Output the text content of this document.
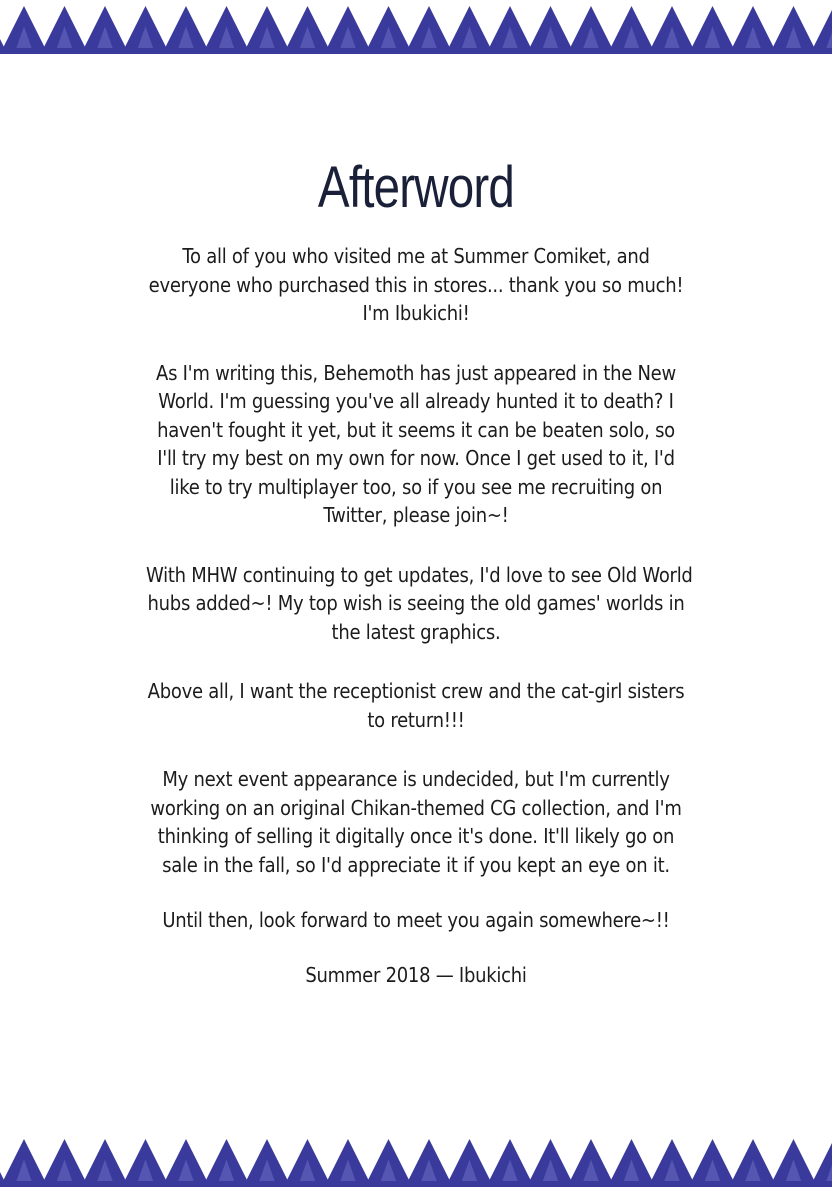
Afterword
To all of you who visited me at Summer Comiket, and
everyone who purchased this in stores... thank you so much!
I'm Ibukichi!
As I'm writing this, Behemoth has just appeared in the New
World. I'm guessing you've all already hunted it to death? I
haven't fought it yet, but it seems it can be beaten solo, so
I'll try my best on my own for now. Once I get used to it, I'd
like to try multiplayer too, so if you see me recruiting on
Twitter, please join~!
With MHW continuing to get updates, I'd love to see Old World
hubs added~! My top wish is seeing the old games' worlds in
the latest graphics.
Above all, I want the receptionist crew and the cat-girl sisters
to return!!!
My next event appearance is undecided, but I'm currently
working on an original Chikan-themed CG collection, and I'm
thinking of selling it digitally once it's done. It'll likely go on
sale in the fall, so I'd appreciate it if you kept an eye on it.
Until then, look forward to meet you again somewhere~!!
Summer 2018 — Ibukichi
